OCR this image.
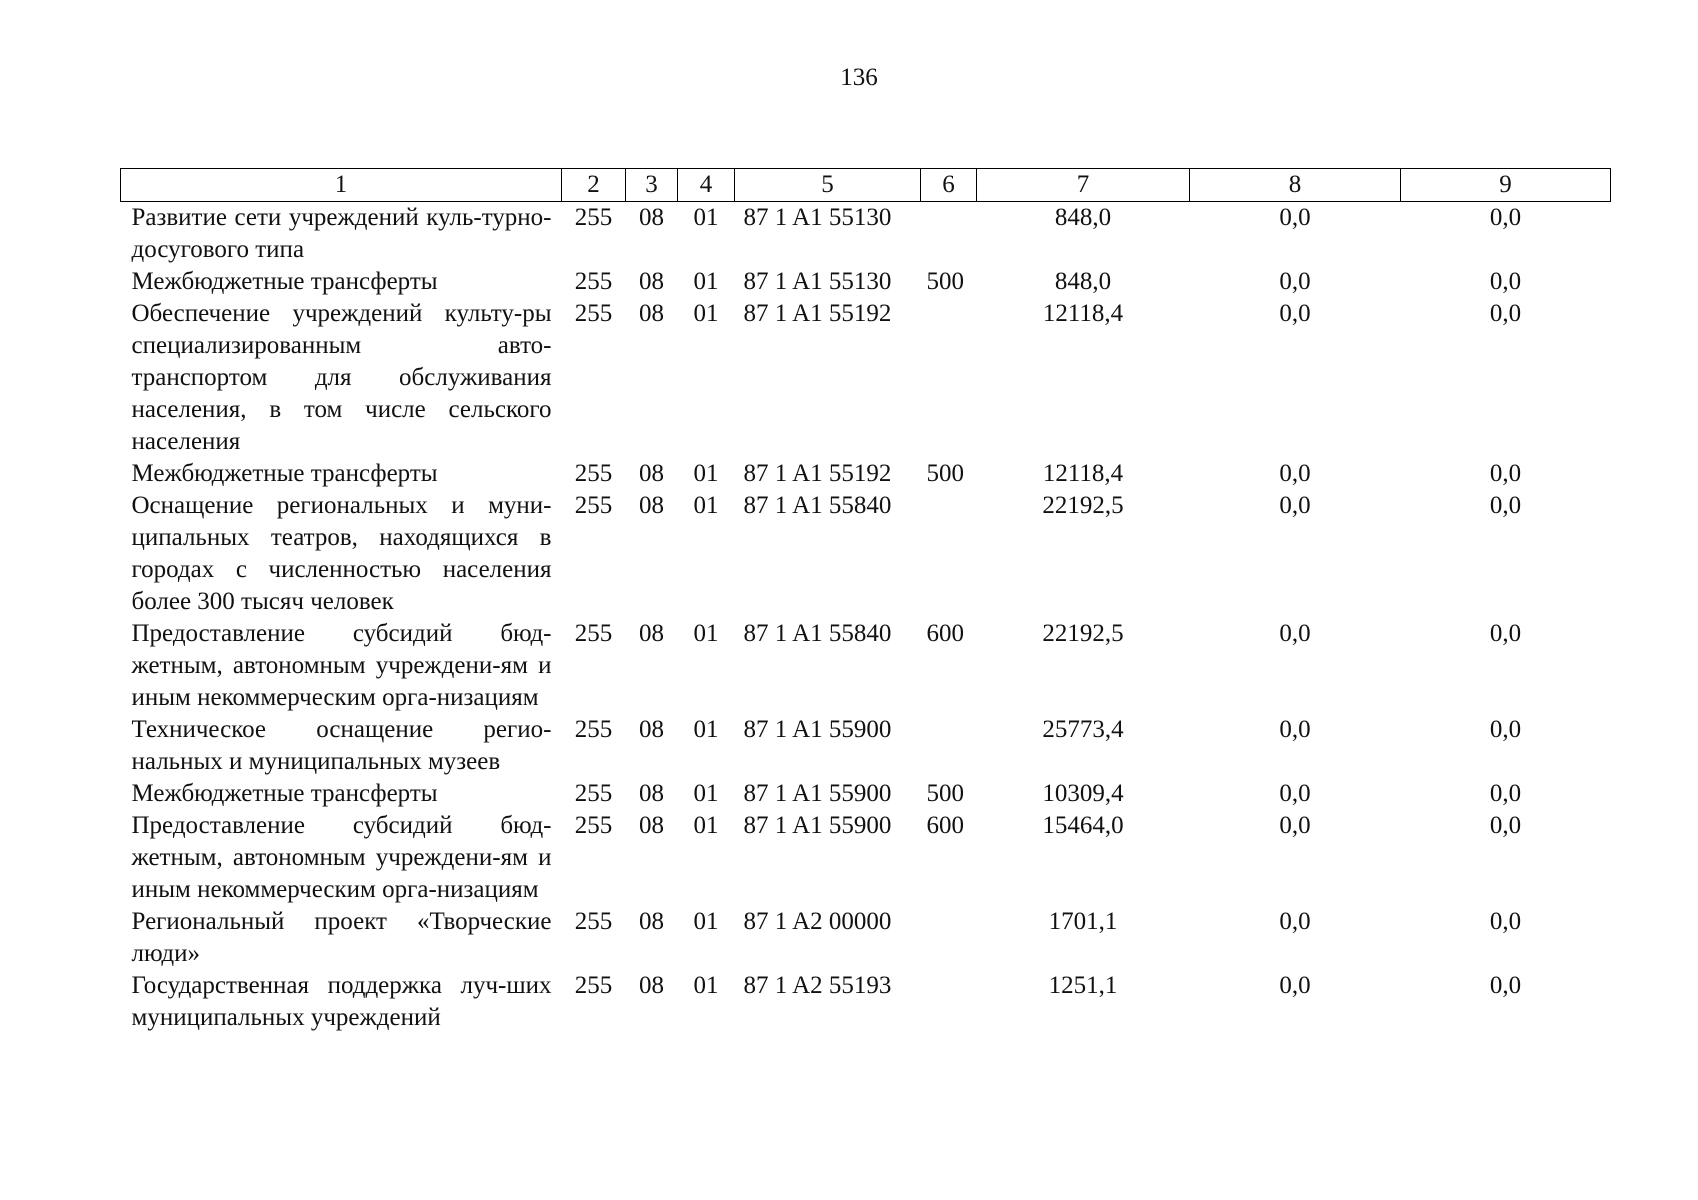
136
1	2	3	4	5	6	7	8	9
Развитие сети учреждений куль-турно-досугового типа	255	08	01	87 1 A1 55130		848,0	0,0	0,0
Межбюджетные трансферты	255	08	01	87 1 A1 55130	500	848,0	0,0	0,0
Обеспечение учреждений культу-ры специализированным авто-транспортом для обслуживания населения, в том числе сельского населения	255	08	01	87 1 A1 55192		12118,4	0,0	0,0
Межбюджетные трансферты	255	08	01	87 1 A1 55192	500	12118,4	0,0	0,0
Оснащение региональных и муни-ципальных театров, находящихся в городах с численностью населения более 300 тысяч человек	255	08	01	87 1 A1 55840		22192,5	0,0	0,0
Предоставление субсидий бюд-жетным, автономным учреждени-ям и иным некоммерческим орга-низациям	255	08	01	87 1 A1 55840	600	22192,5	0,0	0,0
Техническое оснащение регио-нальных и муниципальных музеев	255	08	01	87 1 A1 55900		25773,4	0,0	0,0
Межбюджетные трансферты	255	08	01	87 1 A1 55900	500	10309,4	0,0	0,0
Предоставление субсидий бюд-жетным, автономным учреждени-ям и иным некоммерческим орга-низациям	255	08	01	87 1 A1 55900	600	15464,0	0,0	0,0
Региональный проект «Творческие люди»	255	08	01	87 1 A2 00000		1701,1	0,0	0,0
Государственная поддержка луч-ших муниципальных учреждений	255	08	01	87 1 A2 55193		1251,1	0,0	0,0
